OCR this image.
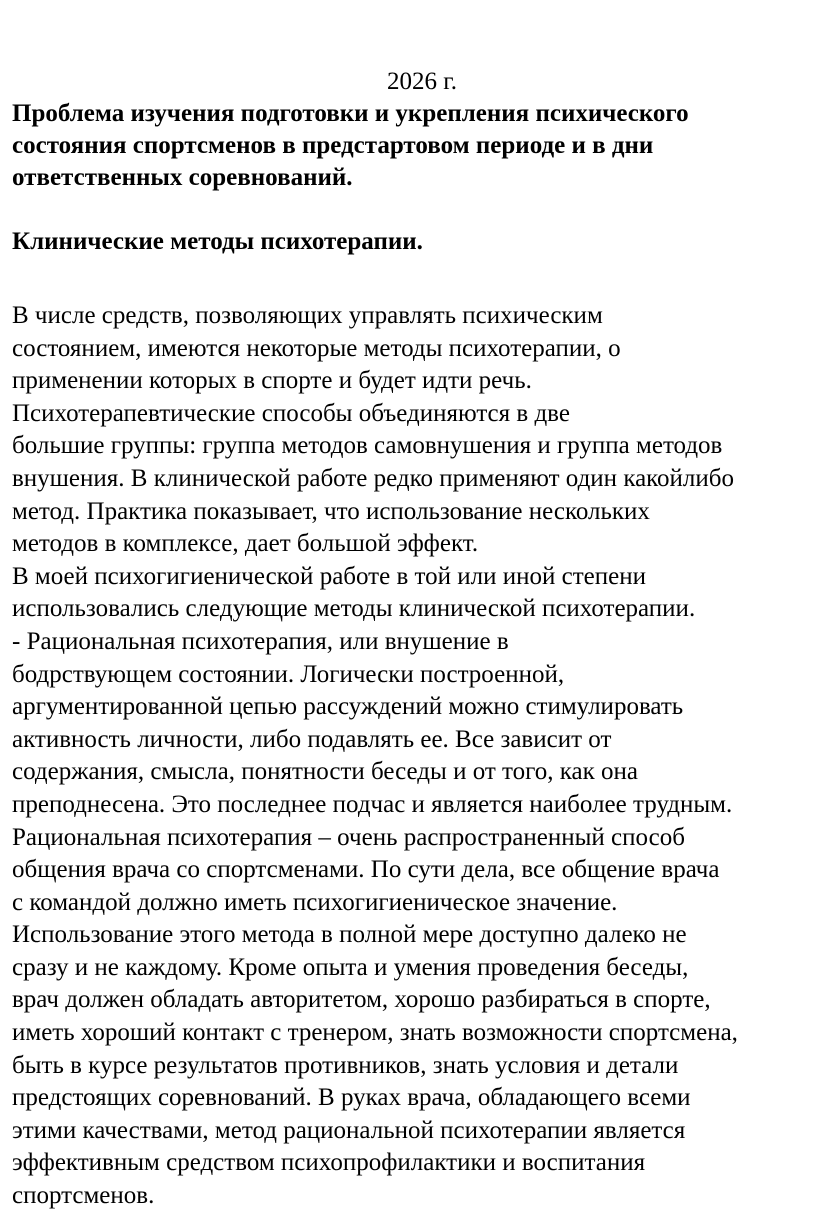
2026 г.

Проблема изучения подготовки и укрепления психического
состояния спортсменов в предстартовом периоде и в дни
ответственных соревнований.

Клинические методы психотерапии.

В числе средств, позволяющих управлять психическим
состоянием, имеются некоторые методы психотерапии, о
применении которых в спорте и будет идти речь.

Психотерапевтические способы объединяются в две
большие группы: группа методов самовнушения и группа методов
внушения. В клинической работе редко применяют один какойлибо
метод. Практика показывает, что использование нескольких
методов в комплексе, дает большой эффект.

В моей психогигиенической работе в той или иной степени
использовались следующие методы клинической психотерапии.

- Рациональная психотерапия, или внушение в
бодрствующем состоянии. Логически построенной,
аргументированной цепью рассуждений можно стимулировать
активность личности, либо подавлять ее. Все зависит от
содержания, смысла, понятности беседы и от того, как она
преподнесена. Это последнее подчас и является наиболее трудным.
Рациональная психотерапия – очень распространенный способ
общения врача со спортсменами. По сути дела, все общение врача
с командой должно иметь психогигиеническое значение.
Использование этого метода в полной мере доступно далеко не
сразу и не каждому. Кроме опыта и умения проведения беседы,
врач должен обладать авторитетом, хорошо разбираться в спорте,
иметь хороший контакт с тренером, знать возможности спортсмена,
быть в курсе результатов противников, знать условия и детали
предстоящих соревнований. В руках врача, обладающего всеми
этими качествами, метод рациональной психотерапии является
эффективным средством психопрофилактики и воспитания
спортсменов.
